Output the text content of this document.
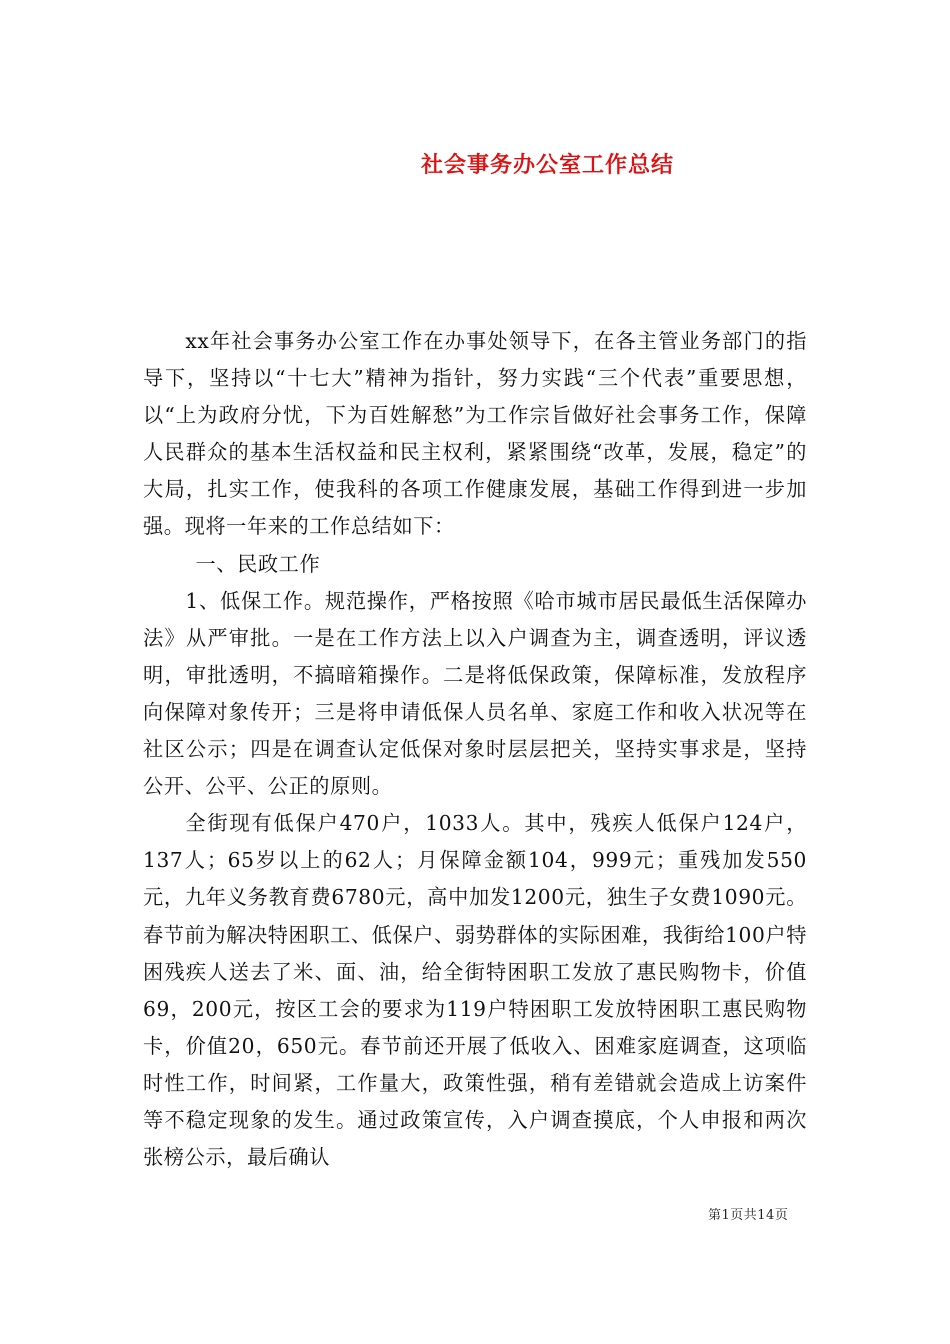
社会事务办公室工作总结

xx年社会事务办公室工作在办事处领导下，在各主管业务部门的指导下，坚持以“十七大”精神为指针，努力实践“三个代表”重要思想，以“上为政府分忧，下为百姓解愁”为工作宗旨做好社会事务工作，保障人民群众的基本生活权益和民主权利，紧紧围绕“改革，发展，稳定”的大局，扎实工作，使我科的各项工作健康发展，基础工作得到进一步加强。现将一年来的工作总结如下：

一、民政工作

1、低保工作。规范操作，严格按照《哈市城市居民最低生活保障办法》从严审批。一是在工作方法上以入户调查为主，调查透明，评议透明，审批透明，不搞暗箱操作。二是将低保政策，保障标准，发放程序向保障对象传开；三是将申请低保人员名单、家庭工作和收入状况等在社区公示；四是在调查认定低保对象时层层把关，坚持实事求是，坚持公开、公平、公正的原则。

全街现有低保户470户，1033人。其中，残疾人低保户124户，137人；65岁以上的62人；月保障金额104，999元；重残加发550元，九年义务教育费6780元，高中加发1200元，独生子女费1090元。春节前为解决特困职工、低保户、弱势群体的实际困难，我街给100户特困残疾人送去了米、面、油，给全街特困职工发放了惠民购物卡，价值69，200元，按区工会的要求为119户特困职工发放特困职工惠民购物卡，价值20，650元。春节前还开展了低收入、困难家庭调查，这项临时性工作，时间紧，工作量大，政策性强，稍有差错就会造成上访案件等不稳定现象的发生。通过政策宣传，入户调查摸底，个人申报和两次张榜公示，最后确认

第1页共14页
